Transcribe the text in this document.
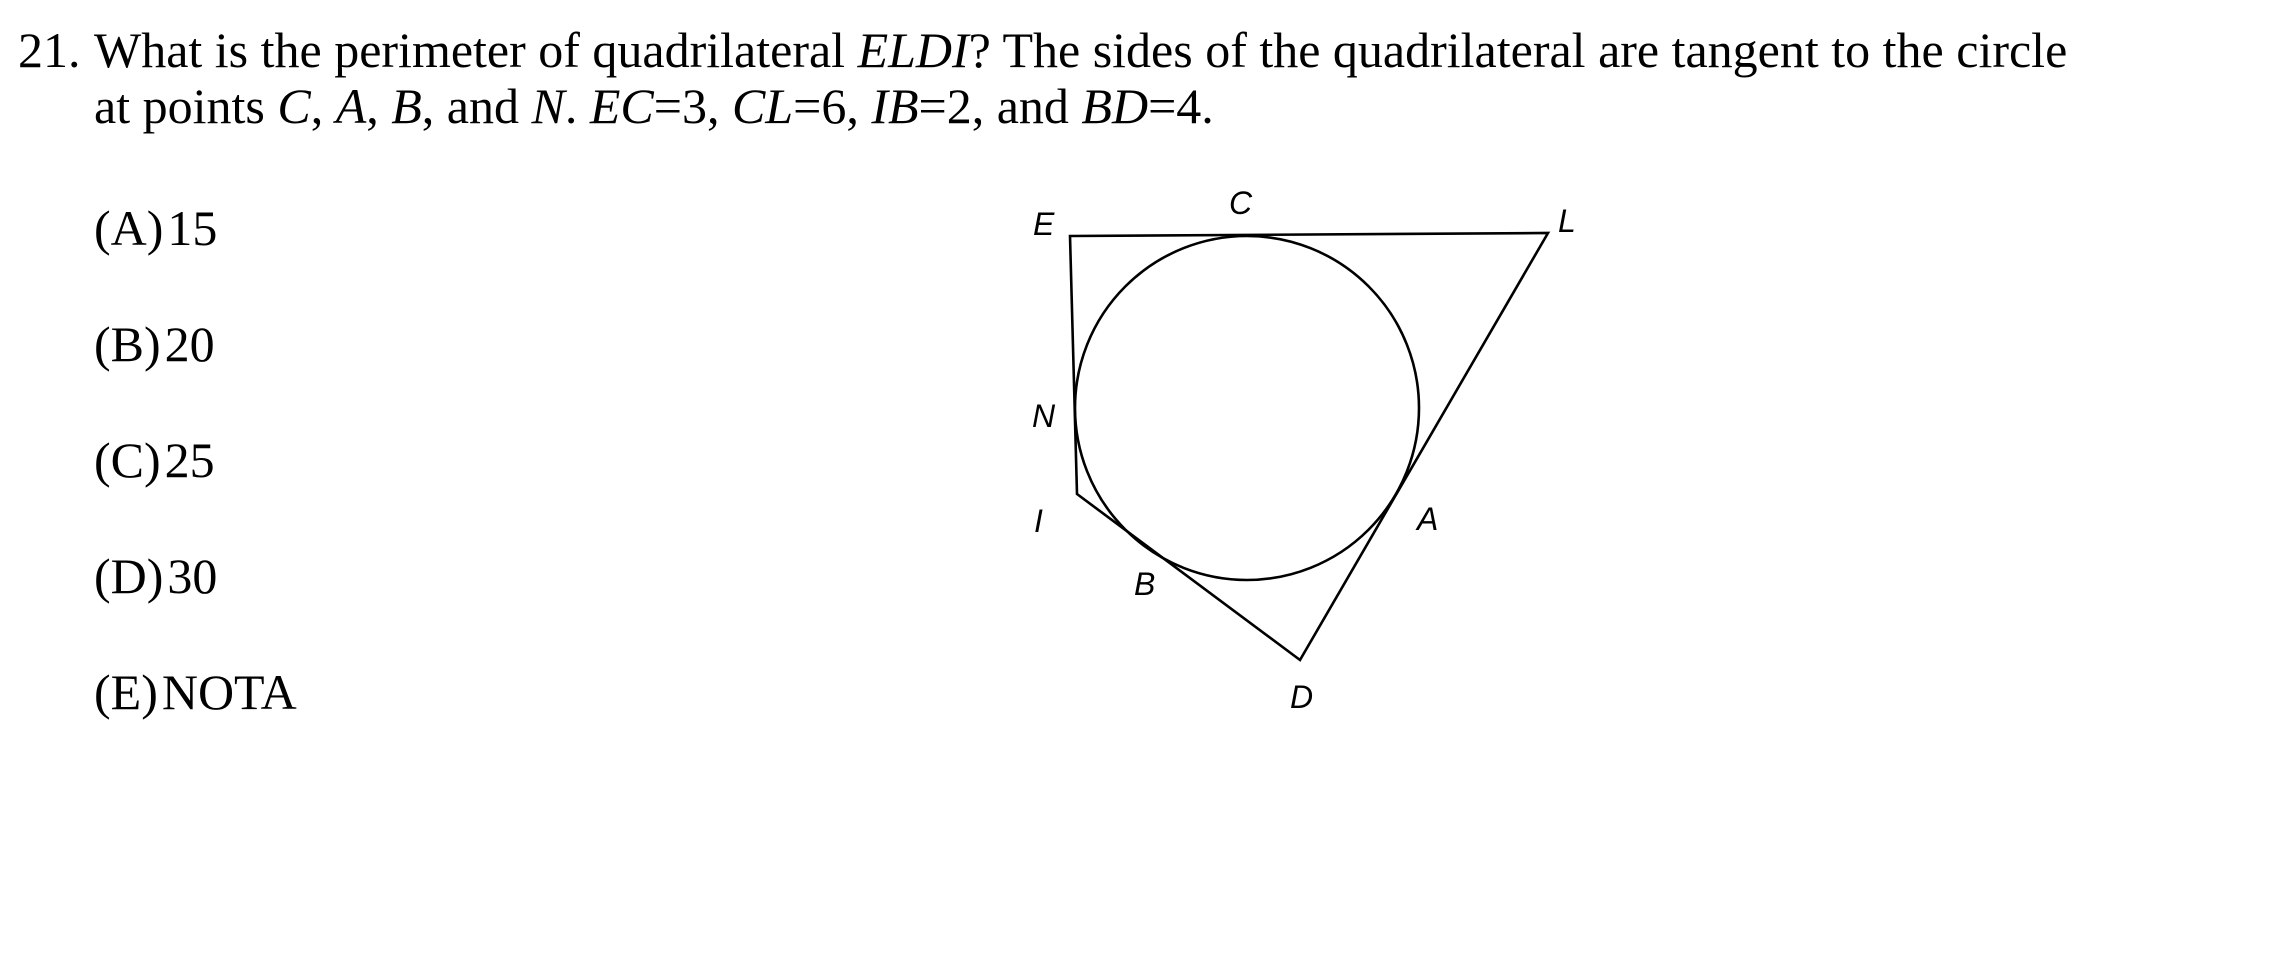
21. What is the perimeter of quadrilateral ELDI? The sides of the quadrilateral are tangent to the circle
at points C, A, B, and N. EC=3, CL=6, IB=2, and BD=4.
(A)15
(B)20
(C)25
(D)30
(E)NOTA
E
C	L
N
I	A
B
D
